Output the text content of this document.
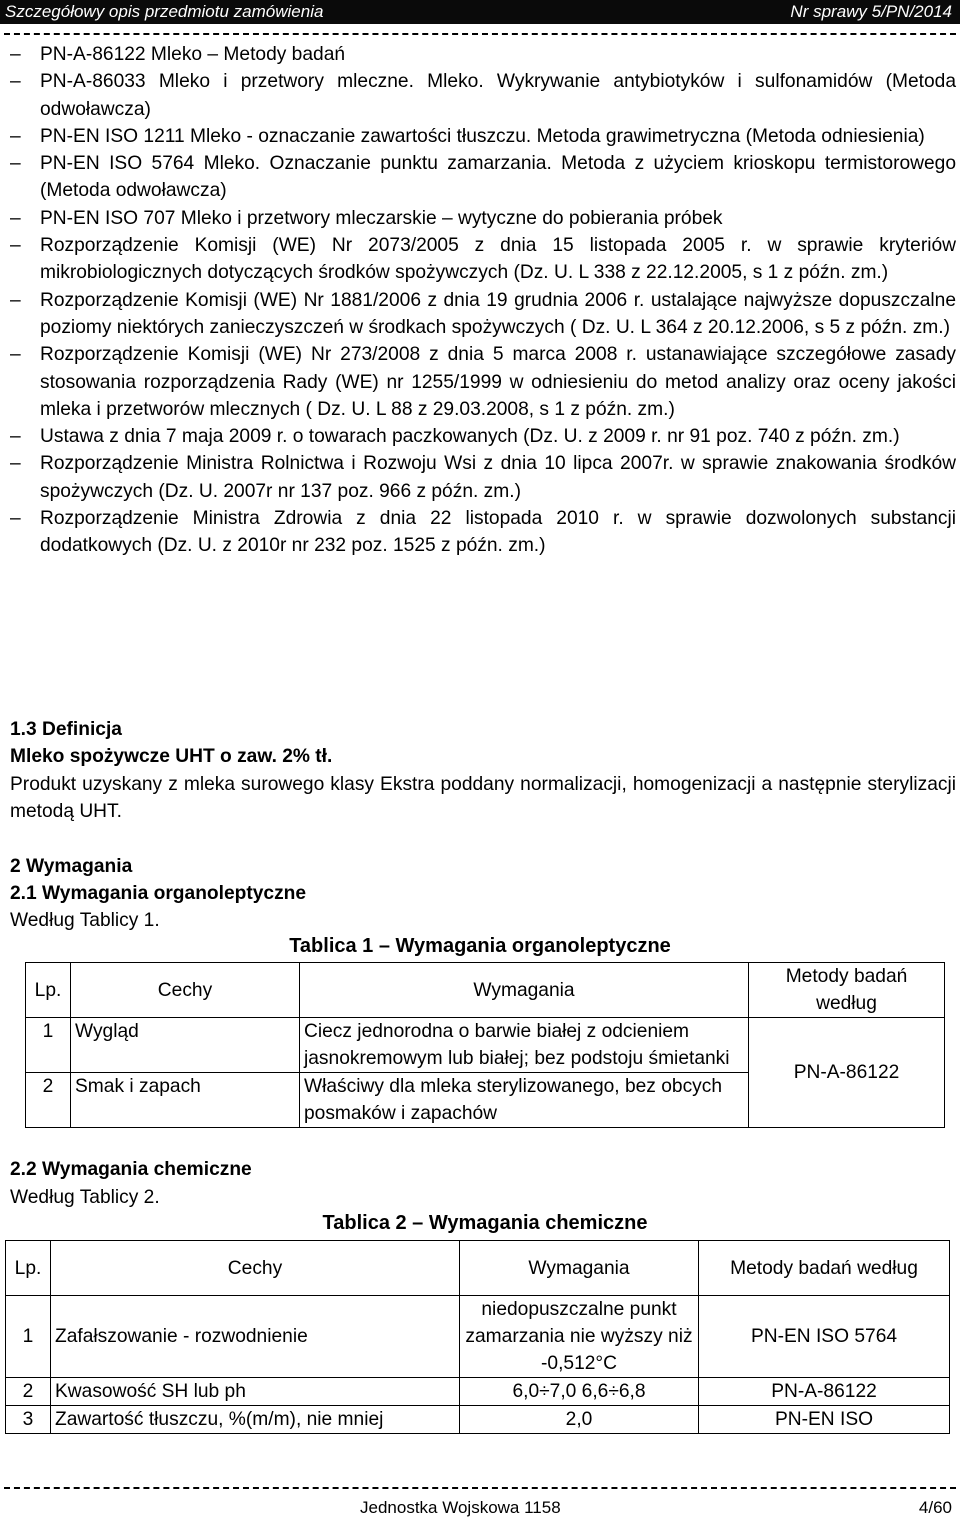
Szczegółowy opis przedmiotu zamówienia	Nr sprawy 5/PN/2014
– PN-A-86122 Mleko – Metody badań
– PN-A-86033 Mleko i przetwory mleczne. Mleko. Wykrywanie antybiotyków i sulfonamidów (Metoda odwoławcza)
– PN-EN ISO 1211 Mleko - oznaczanie zawartości tłuszczu. Metoda grawimetryczna (Metoda odniesienia)
– PN-EN ISO 5764 Mleko. Oznaczanie punktu zamarzania. Metoda z użyciem krioskopu termistorowego (Metoda odwoławcza)
– PN-EN ISO 707 Mleko i przetwory mleczarskie – wytyczne do pobierania próbek
– Rozporządzenie Komisji (WE) Nr 2073/2005 z dnia 15 listopada 2005 r. w sprawie kryteriów mikrobiologicznych dotyczących środków spożywczych (Dz. U. L 338 z 22.12.2005, s 1 z późn. zm.)
– Rozporządzenie Komisji (WE) Nr 1881/2006 z dnia 19 grudnia 2006 r. ustalające najwyższe dopuszczalne poziomy niektórych zanieczyszczeń w środkach spożywczych ( Dz. U. L 364 z 20.12.2006, s 5 z późn. zm.)
– Rozporządzenie Komisji (WE) Nr 273/2008 z dnia 5 marca 2008 r. ustanawiające szczegółowe zasady stosowania rozporządzenia Rady (WE) nr 1255/1999 w odniesieniu do metod analizy oraz oceny jakości mleka i przetworów mlecznych ( Dz. U. L 88 z 29.03.2008, s 1 z późn. zm.)
– Ustawa z dnia 7 maja 2009 r. o towarach paczkowanych (Dz. U. z 2009 r. nr 91 poz. 740 z późn. zm.)
– Rozporządzenie Ministra Rolnictwa i Rozwoju Wsi z dnia 10 lipca 2007r. w sprawie znakowania środków spożywczych (Dz. U. 2007r nr 137 poz. 966 z późn. zm.)
– Rozporządzenie Ministra Zdrowia z dnia 22 listopada 2010 r. w sprawie dozwolonych substancji dodatkowych (Dz. U. z 2010r nr 232 poz. 1525 z późn. zm.)
1.3 Definicja
Mleko spożywcze UHT o zaw. 2% tł.
Produkt uzyskany z mleka surowego klasy Ekstra poddany normalizacji, homogenizacji a następnie sterylizacji metodą UHT.
2 Wymagania
2.1 Wymagania organoleptyczne
Według Tablicy 1.
Tablica 1 – Wymagania organoleptyczne
Lp.	Cechy	Wymagania	Metody badań według
1	Wygląd	Ciecz jednorodna o barwie białej z odcieniem jasnokremowym lub białej; bez podstoju śmietanki	PN-A-86122
2	Smak i zapach	Właściwy dla mleka sterylizowanego, bez obcych posmaków i zapachów	
2.2 Wymagania chemiczne
Według Tablicy 2.
Tablica 2 – Wymagania chemiczne
Lp.	Cechy	Wymagania	Metody badań według
1	Zafałszowanie - rozwodnienie	niedopuszczalne punkt zamarzania nie wyższy niż -0,512°C	PN-EN ISO 5764
2	Kwasowość SH lub ph	6,0÷7,0 6,6÷6,8	PN-A-86122
3	Zawartość tłuszczu, %(m/m), nie mniej	2,0	PN-EN ISO
Jednostka Wojskowa 1158	4/60
